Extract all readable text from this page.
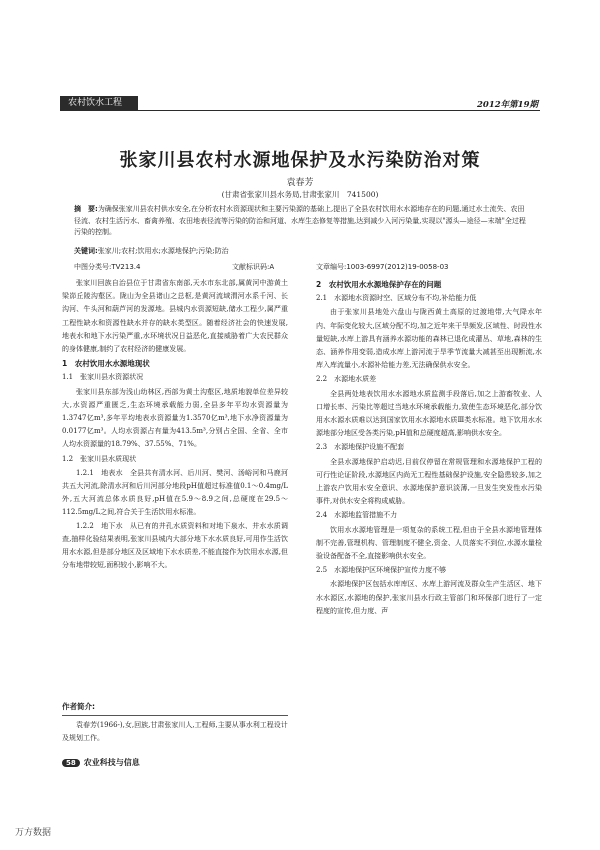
农村饮水工程	2012年第19期
张家川县农村水源地保护及水污染防治对策
袁春芳
(甘肃省张家川县水务局,甘肃张家川　741500)
摘　要:为确保张家川县农村供水安全,在分析农村水资源现状和主要污染源的基础上,提出了全县农村饮用水水源地存在的问题,通过水土流失、农田径流、农村生活污水、畜禽养殖、农田地表径流等污染的防治和河道、水库生态修复等措施,达到减少入河污染量,实现以"源头—途径—末端"全过程污染的控制。
关键词:张家川;农村;饮用水;水源地保护;污染;防治
中图分类号:TV213.4	文献标识码:A	文章编号:1003-6997(2012)19-0058-03

张家川回族自治县位于甘肃省东南部,天水市东北部,属黄河中游黄土梁峁丘陵沟壑区。陇山为全县诸山之总枢,是黄河流域渭河水系千河、长沟河、牛头河和葫芦河的发源地。县城内水资源短缺,储水工程少,属严重工程性缺水和资源性缺水并存的缺水类型区。随着经济社会的快速发展,地表水和地下水污染严重,水环境状况日益恶化,直接威胁着广大农民群众的身体健康,制约了农村经济的健康发展。

1　农村饮用水水源地现状
1.1　张家川县水资源状况

张家川县东部为浅山幼林区,西部为黄土沟壑区,地质地貌单位差异较大,水资源严重匮乏,生态环境承载能力弱,全县多年平均水资源量为1.3747亿m³,多年平均地表水资源量为1.3570亿m³,地下水净资源量为0.0177亿m³。人均水资源占有量为413.5m³,分别占全国、全省、全市人均水资源量的18.79%、37.55%、71%。

1.2　张家川县水质现状

1.2.1　地表水　全县共有清水河、后川河、樊河、汤峪河和马鹿河共五大河流,除清水河和后川河部分地段pH值超过标准值0.1～0.4mg/L外,五大河流总体水质良好,pH值在5.9～8.9之间,总硬度在29.5～112.5mg/L之间,符合关于生活饮用水标准。

1.2.2　地下水　从已有的井孔水质资料和对地下泉水、井水水质调查,抽样化验结果表明,张家川县城内大部分地下水水质良好,可用作生活饮用水水源,但是部分地区及区域地下水水质差,不能直接作为饮用水水源,但分布地带较短,面积较小,影响不大。

2　农村饮用水水源地保护存在的问题
2.1　水源地水资源时空、区域分布不均,补给能力低

由于张家川县地处六盘山与陇西黄土高原的过渡地带,大气降水年内、年际变化较大,区域分配不均,加之近年来干旱频发,区域性、时段性水量短缺,水库上游具有涵养水源功能的森林已退化成灌丛、草地,森林的生态、涵养作用变弱,造成水库上游河流于旱季节流量大减甚至出现断流,水库入库流量小,水源补给能力差,无法确保供水安全。

2.2　水源地水质差

全县两处地表饮用水水源地水质监测手段落后,加之上游畜牧业、人口增长率、污染比等超过当地水环境承载能力,致使生态环境恶化,部分饮用水水源水质难以达到国家饮用水水源地水质Ⅲ类水标准。地下饮用水水源地部分地区受各类污染,pH值和总硬度超高,影响供水安全。

2.3　水源地保护设施不配套

全县水源地保护启动迟,目前仅停留在常规管理和水源地保护工程的可行性论证阶段,水源地区内尚无工程性基础保护设施,安全隐患较多,加之上游农户饮用水安全意识、水源地保护意识淡薄,一旦发生突发性水污染事件,对供水安全将构成威胁。

2.4　水源地监管措施不力

饮用水水源地管理是一项复杂的系统工程,但由于全县水源地管理体制不完善,管理机构、管理制度不健全,资金、人员落实不到位,水源水量检验设备配备不全,直接影响供水安全。

2.5　水源地保护区环境保护宣传力度不够

水源地保护区包括水库库区、水库上游河流及群众生产生活区、地下水水源区,水源地的保护,张家川县水行政主管部门和环保部门进行了一定程度的宣传,但力度、声

作者简介:

袁春芳(1966-),女,回族,甘肃张家川人,工程师,主要从事水利工程设计及规划工作。

58 农业科技与信息
万方数据
